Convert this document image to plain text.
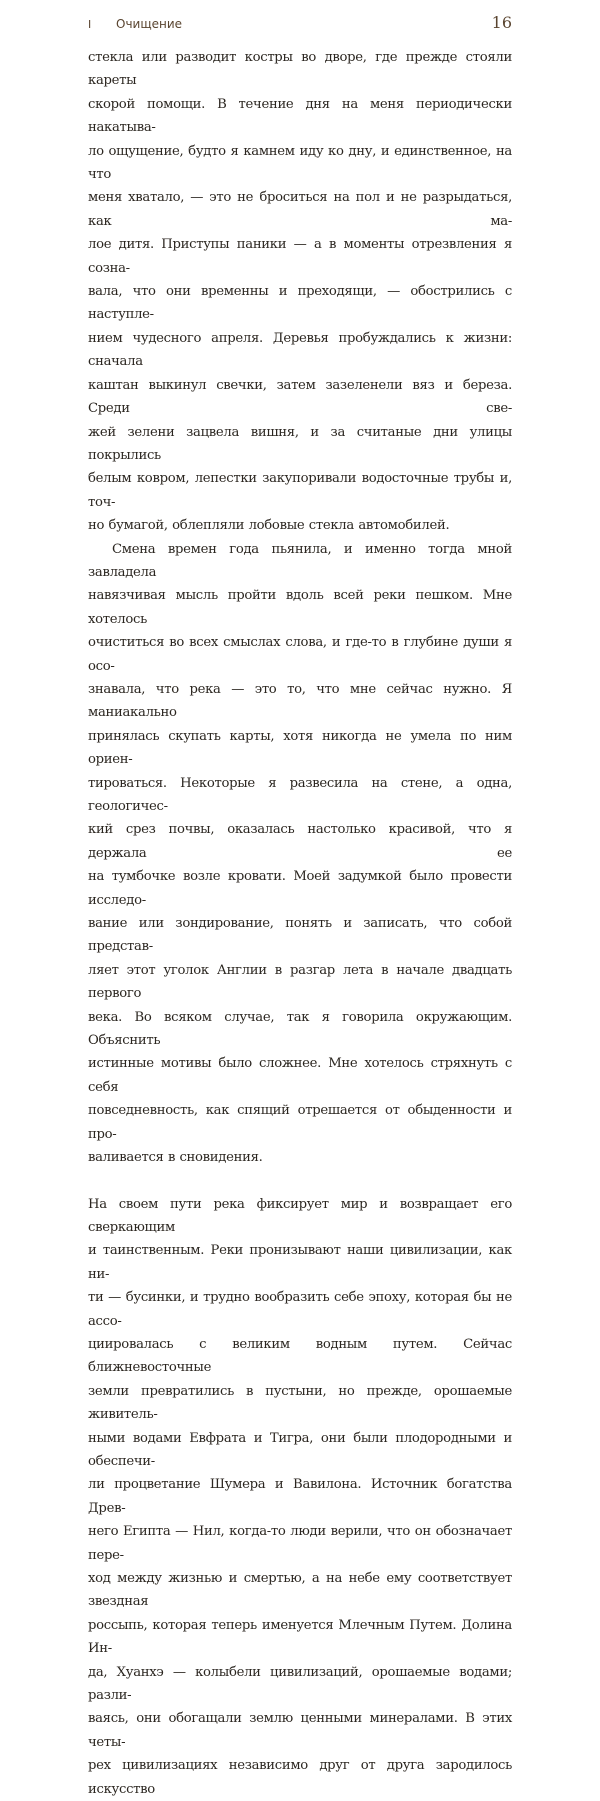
I Очищение	16

стекла или разводит костры во дворе, где прежде стояли кареты
скорой помощи. В течение дня на меня периодически накатыва-
ло ощущение, будто я камнем иду ко дну, и единственное, на что
меня хватало, — это не броситься на пол и не разрыдаться, как ма-
лое дитя. Приступы паники — а в моменты отрезвления я созна-
вала, что они временны и преходящи, — обострились с наступле-
нием чудесного апреля. Деревья пробуждались к жизни: сначала
каштан выкинул свечки, затем зазеленели вяз и береза. Среди све-
жей зелени зацвела вишня, и за считаные дни улицы покрылись
белым ковром, лепестки закупоривали водосточные трубы и, точ-
но бумагой, облепляли лобовые стекла автомобилей.

Смена времен года пьянила, и именно тогда мной завладела
навязчивая мысль пройти вдоль всей реки пешком. Мне хотелось
очиститься во всех смыслах слова, и где-то в глубине души я осо-
знавала, что река — это то, что мне сейчас нужно. Я маниакально
принялась скупать карты, хотя никогда не умела по ним ориен-
тироваться. Некоторые я развесила на стене, а одна, геологичес-
кий срез почвы, оказалась настолько красивой, что я держала ее
на тумбочке возле кровати. Моей задумкой было провести исследо-
вание или зондирование, понять и записать, что собой представ-
ляет этот уголок Англии в разгар лета в начале двадцать первого
века. Во всяком случае, так я говорила окружающим. Объяснить
истинные мотивы было сложнее. Мне хотелось стряхнуть с себя
повседневность, как спящий отрешается от обыденности и про-
валивается в сновидения.

На своем пути река фиксирует мир и возвращает его сверкающим
и таинственным. Реки пронизывают наши цивилизации, как ни-
ти — бусинки, и трудно вообразить себе эпоху, которая бы не ассо-
циировалась с великим водным путем. Сейчас ближневосточные
земли превратились в пустыни, но прежде, орошаемые живитель-
ными водами Евфрата и Тигра, они были плодородными и обеспечи-
ли процветание Шумера и Вавилона. Источник богатства Древ-
него Египта — Нил, когда-то люди верили, что он обозначает пере-
ход между жизнью и смертью, а на небе ему соответствует звездная
россыпь, которая теперь именуется Млечным Путем. Долина Ин-
да, Хуанхэ — колыбели цивилизаций, орошаемые водами; разли-
ваясь, они обогащали землю ценными минералами. В этих четы-
рех цивилизациях независимо друг от друга зародилось искусство
